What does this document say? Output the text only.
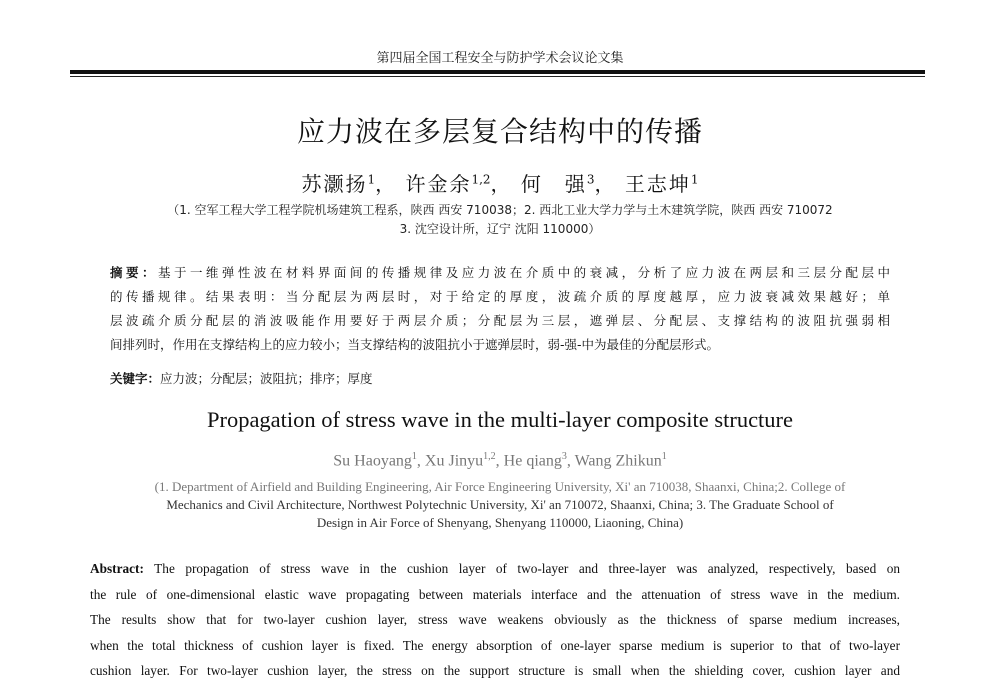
第四届全国工程安全与防护学术会议论文集
应力波在多层复合结构中的传播
苏灏扬$^1$， 许金余$^{1,2}$， 何　强$^3$， 王志坤$^1$
（1. 空军工程大学工程学院机场建筑工程系，陕西 西安 710038；2. 西北工业大学力学与土木建筑学院，陕西 西安 710072
3. 沈空设计所，辽宁 沈阳 110000）
摘要：基于一维弹性波在材料界面间的传播规律及应力波在介质中的衰减，分析了应力波在两层和三层分配层中
的传播规律。结果表明：当分配层为两层时，对于给定的厚度，波疏介质的厚度越厚，应力波衰减效果越好；单
层波疏介质分配层的消波吸能作用要好于两层介质；分配层为三层，遮弹层、分配层、支撑结构的波阻抗强弱相
间排列时，作用在支撑结构上的应力较小；当支撑结构的波阻抗小于遮弹层时，弱-强-中为最佳的分配层形式。
关键字：应力波；分配层；波阻抗；排序；厚度
Propagation of stress wave in the multi-layer composite structure
Su Haoyang$^1$, Xu Jinyu$^{1,2}$, He qiang$^3$, Wang Zhikun$^1$
(1. Department of Airfield and Building Engineering, Air Force Engineering University, Xi' an 710038, Shaanxi, China;2. College of
Mechanics and Civil Architecture, Northwest Polytechnic University, Xi' an 710072, Shaanxi, China; 3. The Graduate School of
Design in Air Force of Shenyang, Shenyang 110000, Liaoning, China)
Abstract: The propagation of stress wave in the cushion layer of two-layer and three-layer was analyzed, respectively, based on
the rule of one-dimensional elastic wave propagating between materials interface and the attenuation of stress wave in the medium.
The results show that for two-layer cushion layer, stress wave weakens obviously as the thickness of sparse medium increases,
when the total thickness of cushion layer is fixed. The energy absorption of one-layer sparse medium is superior to that of two-layer
cushion layer. For two-layer cushion layer, the stress on the support structure is small when the shielding cover, cushion layer and
